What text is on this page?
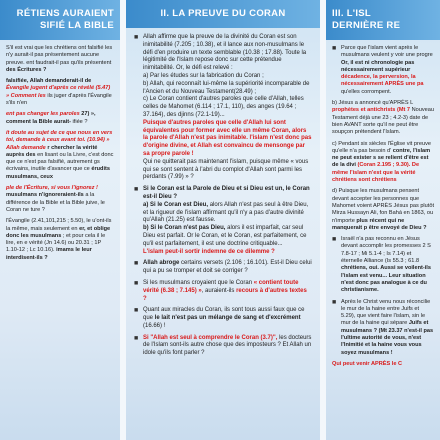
RÉTIENS AURAIENT
SIFIÉ LA BIBLE

S'il est vrai que les chrétiens ont falsifié les n'y aurait-il pas présentement aucune preuve. ent faudrait-il pas qu'ils présentent des Écritures ?

falsifiée, Allah demanderait-il de Évangile jugent d'après ce révélé (5.47) » Comment les ils juger d'après l'Évangile s'ils n'en

ent pas changer les paroles 27) », comment la Bible aurait- ifiée ?

it doute au sujet de ce que nous en vers toi, demande à ceux avant toi. (10.94) » Allah demande r chercher la vérité auprès des en lisant ou la Livre, c'est donc que ce n'est pas falsifié, autrement gs écrivains, inutile d'avancer que ce érudits musulmans, ceux

ple de l'Écriture, si vous l'ignorez ! musulmans n'ignoreraient-ils a la différence de la Bible et la Bible juive, le Coran ne ture ?

l'Évangile (2.41,101,215 ; 5.50), le u'ont-ils la même, mais seulement en er, et oblige donc les musulmans ; et pour cela il le lire, en e vérité (Jn 14.6) ou 20.31 ; 1P 1.10-12 ; Lc 10.16). imams le leur interdisent-ils ?

II. LA PREUVE DU CORAN
■ Allah affirme que la preuve de la divinité du Coran est son inimitabilité (7.205 ; 10.38), et il lance aux non-musulmans le défi d'en produire un texte semblable (10.38 ; 17.88). Toute la légitimité de l'Islam repose donc sur cette prétendue inimitabilité. Or, le défi est relevé :
a) Par les études sur la fabrication du Coran ;
b) Allah, qui reconnaît lui-même la supériorité incomparable de l'Ancien et du Nouveau Testament(28.49) ;
c) Le Coran contient d'autres paroles que celle d'Allah, telles celles de Mahomet (6.114 ; 17.1, 110), des anges (19.64 ; 37.164), des djinns (72.1-19)...
Puisque d'autres paroles que celle d'Allah lui sont équivalentes pour former avec elle un même Coran, alors la parole d'Allah n'est pas inimitable. l'islam n'est donc pas d'origine divine, et Allah est convaincu de mensonge par sa propre parole !
Qui ne quitterait pas maintenant l'islam, puisque même « vous qui se sont sentent à l'abri du complot d'Allah sont parmi les perdants (7.99) » ?
■ Si le Coran est la Parole de Dieu et si Dieu est un, le Coran est-il Dieu ?
a) Si le Coran est Dieu, alors Allah n'est pas seul à être Dieu, et la rigueur de l'islam affirmant qu'il n'y a pas d'autre divinité qu'Allah (21.25) est fausse.
b) Si le Coran n'est pas Dieu, alors il est imparfait, car seul Dieu est parfait. Or le Coran, et le Coran, est parfaitement, ce qu'il est parfaitement, il est une doctrine critiquable...
L'islam peut-il sortir indemne de ce dilemme ?
■ Allah abroge certains versets (2.106 ; 16.101). Est-il Dieu celui qui a pu se tromper et doit se corriger ?
■ Si les musulmans croyaient que le Coran « contient toute vérité (6.38 ; 7.145) », auraient-ils recours à d'autres textes ?
■ Quant aux miracles du Coran, ils sont tous aussi faux que ce que le lait n'est pas un mélange de sang et d'excrément (16.66) !
■ Si "Allah est seul à comprendre le Coran (3.7)", les docteurs de l'Islam sont-ils autre chose que des imposteurs ? Et Allah un idole qu'ils font parler ?
III. L'ISL
DERNIÈRE RE
■ Parce que l'islam vient après le musulmans veulent y voir une progre Or, il est ni chronologie pas nécessairement supérieur décadence, la perversion, la nécessairement APRÈS une pa qu'elles corrompent.

b) Jésus a annoncé qu'APRÈS L prophètes et antichrists (Mt 7 Nouveau Testament déjà une 23 ; 4.2-3) date de bien AVANT sorte qu'il ne peut être soupçon prétendent l'Islam.

c) Pendant six siècles l'Église vit preuve qu'elle n'a pas besoin d' contre, l'islam ne peut exister s se relient d'être est de la divi (Coran 2.195 ; 9.30). De même l'islam n'est que la vérité chrétiens sont chrétiens

d) Puisque les musulmans pensent devant accepter les personnes que Mahomet voient APRÈS Jésus pas plutôt Mirza Hussayn Ali, fon Bahá en 1863, ou n'importe plus récent qui ne manquerait p être envoyé de Dieu ?

■ Israël n'a pas reconnu en Jésus devant accomplir les promesses 2 S 7.8-17 ; Mi 5.1-4 ; Is 7.14) et éternelle Alliance (Is 55.3 ; 61.8 chrétiens, oui. Aussi se voilent-ils l'islam est venu... Leur situation n'est donc pas analogue à ce du christianisme.
■ Après le Christ venu nous réconcilie le mur de la haine entre Juifs et 5.29), que vient faire l'islam, sin le mur de la haine qui sépare Juifs et musulmans ? (Mt 23.37 n'est-il pas l'ultime autorité de vous, n'est l'Inimitié et la haine vous vous soyez musulmans !

Qui peut venir APRÈS le C
